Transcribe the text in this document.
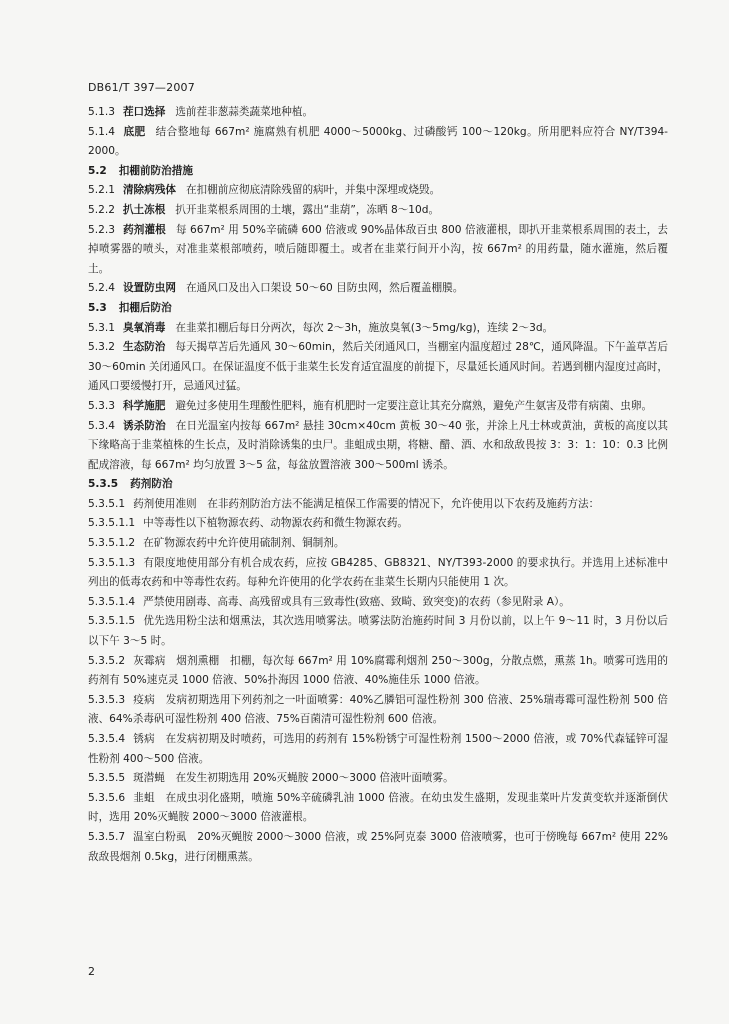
DB61/T 397—2007

5.1.3 茬口选择 选前茬非葱蒜类蔬菜地种植。

5.1.4 底肥 结合整地每 667m² 施腐熟有机肥 4000～5000kg、过磷酸钙 100～120kg。所用肥料应符合 NY/T394-2000。

5.2 扣棚前防治措施

5.2.1 清除病残体 在扣棚前应彻底清除残留的病叶，并集中深埋或烧毁。

5.2.2 扒土冻根 扒开韭菜根系周围的土壤，露出“韭葫”，冻晒 8～10d。

5.2.3 药剂灌根 每 667m² 用 50%辛硫磷 600 倍液或 90%晶体敌百虫 800 倍液灌根，即扒开韭菜根系周围的表土，去掉喷雾器的喷头，对准韭菜根部喷药，喷后随即覆土。或者在韭菜行间开小沟，按 667m² 的用药量，随水灌施，然后覆土。

5.2.4 设置防虫网 在通风口及出入口架设 50～60 目防虫网，然后覆盖棚膜。

5.3 扣棚后防治

5.3.1 臭氧消毒 在韭菜扣棚后每日分两次，每次 2～3h，施放臭氧(3～5mg/kg)，连续 2～3d。

5.3.2 生态防治 每天揭草苫后先通风 30～60min，然后关闭通风口，当棚室内温度超过 28℃，通风降温。下午盖草苫后 30～60min 关闭通风口。在保证温度不低于韭菜生长发育适宜温度的前提下，尽量延长通风时间。若遇到棚内湿度过高时，通风口要缓慢打开，忌通风过猛。

5.3.3 科学施肥 避免过多使用生理酸性肥料，施有机肥时一定要注意让其充分腐熟，避免产生氨害及带有病菌、虫卵。

5.3.4 诱杀防治 在日光温室内按每 667m² 悬挂 30cm×40cm 黄板 30～40 张，并涂上凡士林或黄油，黄板的高度以其下缘略高于韭菜植株的生长点，及时消除诱集的虫尸。韭蛆成虫期，将糖、醋、酒、水和敌敌畏按 3：3：1：10：0.3 比例配成溶液，每 667m² 均匀放置 3～5 盆，每盆放置溶液 300～500ml 诱杀。

5.3.5 药剂防治

5.3.5.1 药剂使用准则　在非药剂防治方法不能满足植保工作需要的情况下，允许使用以下农药及施药方法：

5.3.5.1.1 中等毒性以下植物源农药、动物源农药和微生物源农药。

5.3.5.1.2 在矿物源农药中允许使用硫制剂、铜制剂。

5.3.5.1.3 有限度地使用部分有机合成农药，应按 GB4285、GB8321、NY/T393-2000 的要求执行。并选用上述标准中列出的低毒农药和中等毒性农药。每种允许使用的化学农药在韭菜生长期内只能使用 1 次。

5.3.5.1.4 严禁使用剧毒、高毒、高残留或具有三致毒性(致癌、致畸、致突变)的农药（参见附录 A）。

5.3.5.1.5 优先选用粉尘法和烟熏法，其次选用喷雾法。喷雾法防治施药时间 3 月份以前，以上午 9～11 时，3 月份以后以下午 3～5 时。

5.3.5.2 灰霉病　烟剂熏棚　扣棚，每次每 667m² 用 10%腐霉利烟剂 250～300g，分散点燃，熏蒸 1h。喷雾可选用的药剂有 50%速克灵 1000 倍液、50%扑海因 1000 倍液、40%施佳乐 1000 倍液。

5.3.5.3 疫病　发病初期选用下列药剂之一叶面喷雾：40%乙膦铝可湿性粉剂 300 倍液、25%瑞毒霉可湿性粉剂 500 倍液、64%杀毒矾可湿性粉剂 400 倍液、75%百菌清可湿性粉剂 600 倍液。

5.3.5.4 锈病　在发病初期及时喷药，可选用的药剂有 15%粉锈宁可湿性粉剂 1500～2000 倍液，或 70%代森锰锌可湿性粉剂 400～500 倍液。

5.3.5.5 斑潜蝇　在发生初期选用 20%灭蝇胺 2000～3000 倍液叶面喷雾。

5.3.5.6 韭蛆　在成虫羽化盛期，喷施 50%辛硫磷乳油 1000 倍液。在幼虫发生盛期，发现韭菜叶片发黄变软并逐渐倒伏时，选用 20%灭蝇胺 2000～3000 倍液灌根。

5.3.5.7 温室白粉虱　20%灭蝇胺 2000～3000 倍液，或 25%阿克泰 3000 倍液喷雾，也可于傍晚每 667m² 使用 22%敌敌畏烟剂 0.5kg，进行闭棚熏蒸。

2
